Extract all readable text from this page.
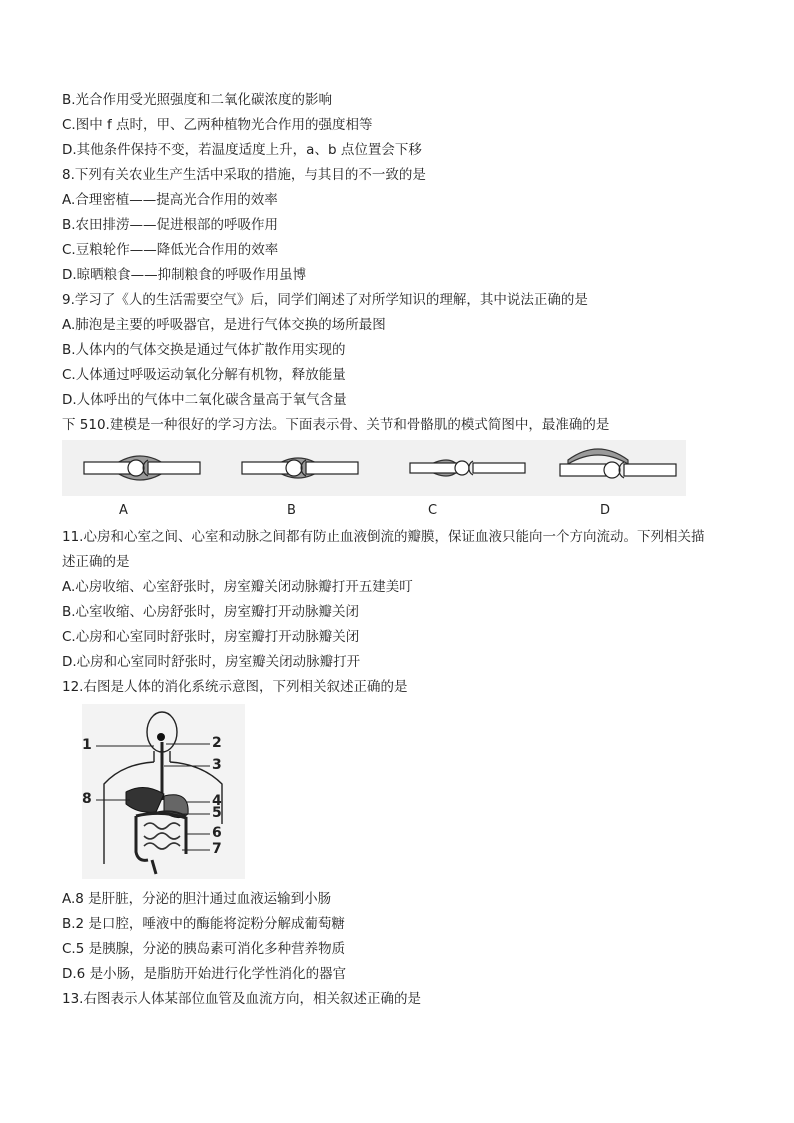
B.光合作用受光照强度和二氧化碳浓度的影响
C.图中 f 点时，甲、乙两种植物光合作用的强度相等
D.其他条件保持不变，若温度适度上升，a、b 点位置会下移
8.下列有关农业生产生活中采取的措施，与其目的不一致的是
A.合理密植——提高光合作用的效率
B.农田排涝——促进根部的呼吸作用
C.豆粮轮作——降低光合作用的效率
D.晾晒粮食——抑制粮食的呼吸作用虽博
9.学习了《人的生活需要空气》后，同学们阐述了对所学知识的理解，其中说法正确的是
A.肺泡是主要的呼吸器官，是进行气体交换的场所最图
B.人体内的气体交换是通过气体扩散作用实现的
C.人体通过呼吸运动氧化分解有机物，释放能量
D.人体呼出的气体中二氧化碳含量高于氧气含量
下 510.建模是一种很好的学习方法。下面表示骨、关节和骨骼肌的模式简图中，最准确的是
A	B	C	D
11.心房和心室之间、心室和动脉之间都有防止血液倒流的瓣膜，保证血液只能向一个方向流动。下列相关描
述正确的是
A.心房收缩、心室舒张时，房室瓣关闭动脉瓣打开五建美叮
B.心室收缩、心房舒张时，房室瓣打开动脉瓣关闭
C.心房和心室同时舒张时，房室瓣打开动脉瓣关闭
D.心房和心室同时舒张时，房室瓣关闭动脉瓣打开
12.右图是人体的消化系统示意图，下列相关叙述正确的是
1	2
3
8	4
5
6
7
A.8 是肝脏，分泌的胆汁通过血液运输到小肠
B.2 是口腔，唾液中的酶能将淀粉分解成葡萄糖
C.5 是胰腺，分泌的胰岛素可消化多种营养物质
D.6 是小肠，是脂肪开始进行化学性消化的器官
13.右图表示人体某部位血管及血流方向，相关叙述正确的是
